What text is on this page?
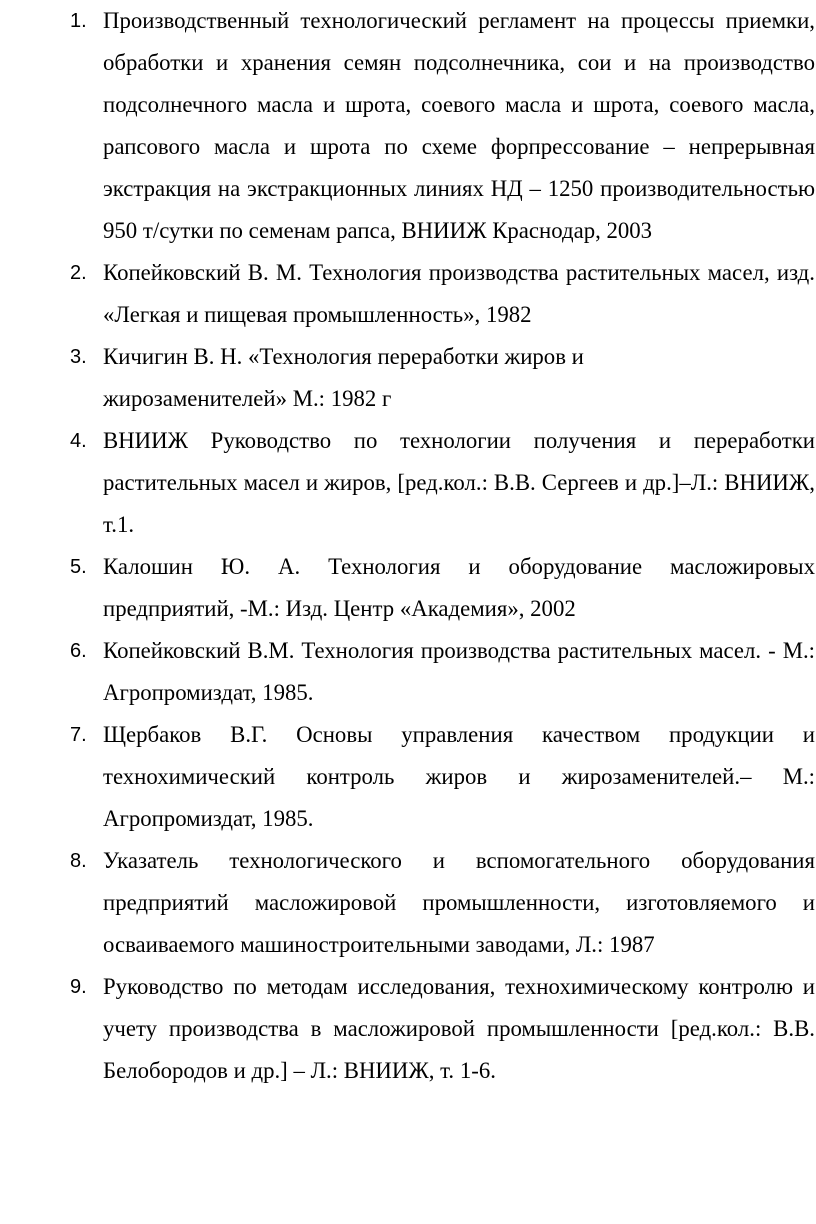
1. Производственный технологический регламент на процессы приемки, обработки и хранения семян подсолнечника, сои и на производство подсолнечного масла и шрота, соевого масла и шрота, соевого масла, рапсового масла и шрота по схеме форпрессование – непрерывная экстракция на экстракционных линиях НД – 1250 производительностью 950 т/сутки по семенам рапса, ВНИИЖ Краснодар, 2003
2. Копейковский В. М. Технология производства растительных масел, изд. «Легкая и пищевая промышленность», 1982
3. Кичигин В. Н. «Технология переработки жиров и жирозаменителей» М.: 1982 г
4. ВНИИЖ Руководство по технологии получения и переработки растительных масел и жиров, [ред.кол.: В.В. Сергеев и др.]–Л.: ВНИИЖ, т.1.
5. Калошин Ю. А. Технология и оборудование масложировых предприятий, -М.: Изд. Центр «Академия», 2002
6. Копейковский В.М. Технология производства растительных масел. - М.: Агропромиздат, 1985.
7. Щербаков В.Г. Основы управления качеством продукции и технохимический контроль жиров и жирозаменителей.– М.: Агропромиздат, 1985.
8. Указатель технологического и вспомогательного оборудования предприятий масложировой промышленности, изготовляемого и осваиваемого машиностроительными заводами, Л.: 1987
9. Руководство по методам исследования, технохимическому контролю и учету производства в масложировой промышленности [ред.кол.: В.В. Белобородов и др.] – Л.: ВНИИЖ, т. 1-6.
